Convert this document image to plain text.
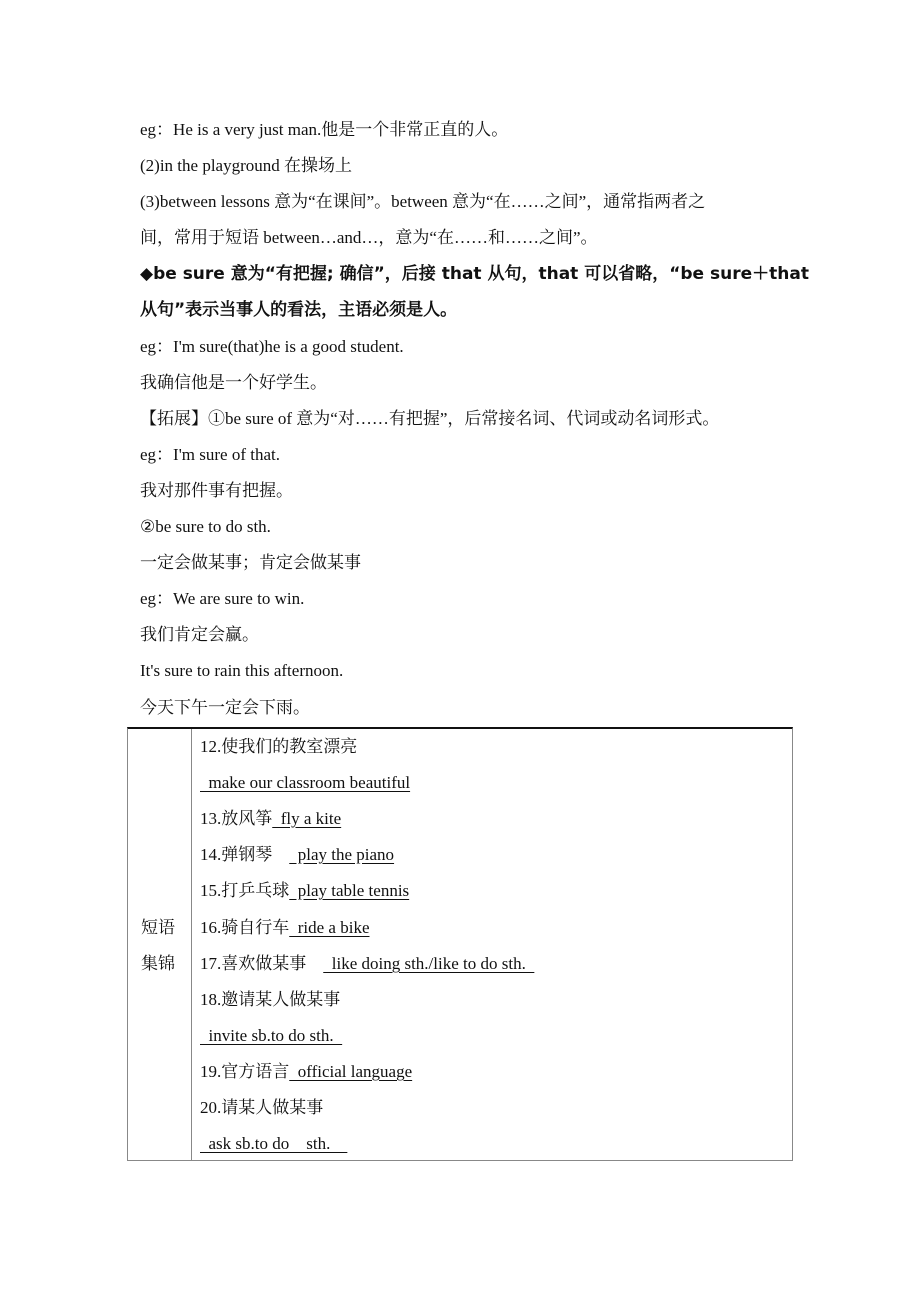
eg：He is a very just man.他是一个非常正直的人。
(2)in the playground 在操场上
(3)between lessons 意为“在课间”。between 意为“在……之间”，通常指两者之
间，常用于短语 between…and…，意为“在……和……之间”。
◆be sure 意为“有把握; 确信”，后接 that 从句，that 可以省略，“be sure＋that
从句”表示当事人的看法，主语必须是人。
eg：I'm sure(that)he is a good student.
我确信他是一个好学生。
【拓展】①be sure of 意为“对……有把握”，后常接名词、代词或动名词形式。
eg：I'm sure of that.
我对那件事有把握。
②be sure to do sth.
一定会做某事；肯定会做某事
eg：We are sure to win.
我们肯定会赢。
It's sure to rain this afternoon.
今天下午一定会下雨。
短语
集锦
12.使我们的教室漂亮
make our classroom beautiful
13.放风筝  fly a kite
14.弹钢琴      play the piano
15.打乒乓球  play table tennis
16.骑自行车  ride a bike
17.喜欢做某事      like doing sth./like to do sth.
18.邀请某人做某事
invite sb.to do sth.
19.官方语言  official language
20.请某人做某事
ask sb.to do    sth.
